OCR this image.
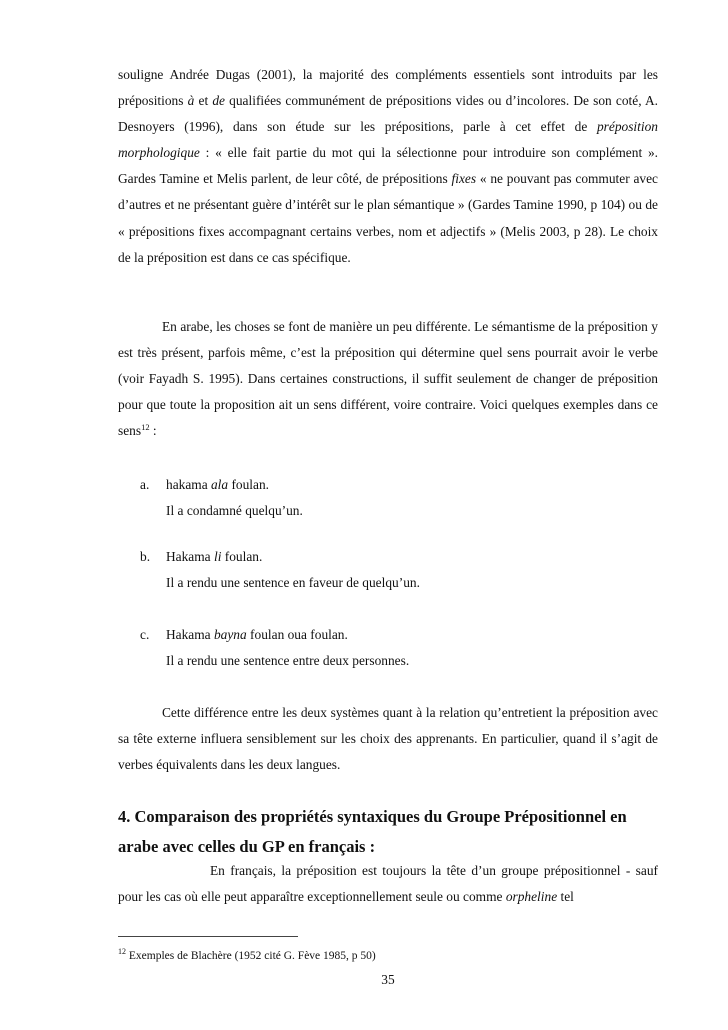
souligne Andrée Dugas (2001), la majorité des compléments essentiels sont introduits par les prépositions à et de qualifiées communément de prépositions vides ou d’incolores. De son coté, A. Desnoyers (1996), dans son étude sur les prépositions, parle à cet effet de préposition morphologique : « elle fait partie du mot qui la sélectionne pour introduire son complément ». Gardes Tamine et Melis parlent, de leur côté, de prépositions fixes « ne pouvant pas commuter avec d’autres et ne présentant guère d’intérêt sur le plan sémantique » (Gardes Tamine 1990, p 104) ou de « prépositions fixes accompagnant certains verbes, nom et adjectifs » (Melis 2003, p 28). Le choix de la préposition est dans ce cas spécifique.

En arabe, les choses se font de manière un peu différente. Le sémantisme de la préposition y est très présent, parfois même, c’est la préposition qui détermine quel sens pourrait avoir le verbe (voir Fayadh S. 1995). Dans certaines constructions, il suffit seulement de changer de préposition pour que toute la proposition ait un sens différent, voire contraire. Voici quelques exemples dans ce sens$^{12}$ :

a. hakama ala foulan.
Il a condamné quelqu’un.
b. Hakama li foulan.
Il a rendu une sentence en faveur de quelqu’un.
c. Hakama bayna foulan oua foulan.
Il a rendu une sentence entre deux personnes.

Cette différence entre les deux systèmes quant à la relation qu’entretient la préposition avec sa tête externe influera sensiblement sur les choix des apprenants. En particulier, quand il s’agit de verbes équivalents dans les deux langues.

4. Comparaison des propriétés syntaxiques du Groupe Prépositionnel en arabe avec celles du GP en français :

En français, la préposition est toujours la tête d’un groupe prépositionnel - sauf pour les cas où elle peut apparaître exceptionnellement seule ou comme orpheline tel

$^{12}$ Exemples de Blachère (1952 cité G. Fève 1985, p 50)
35
